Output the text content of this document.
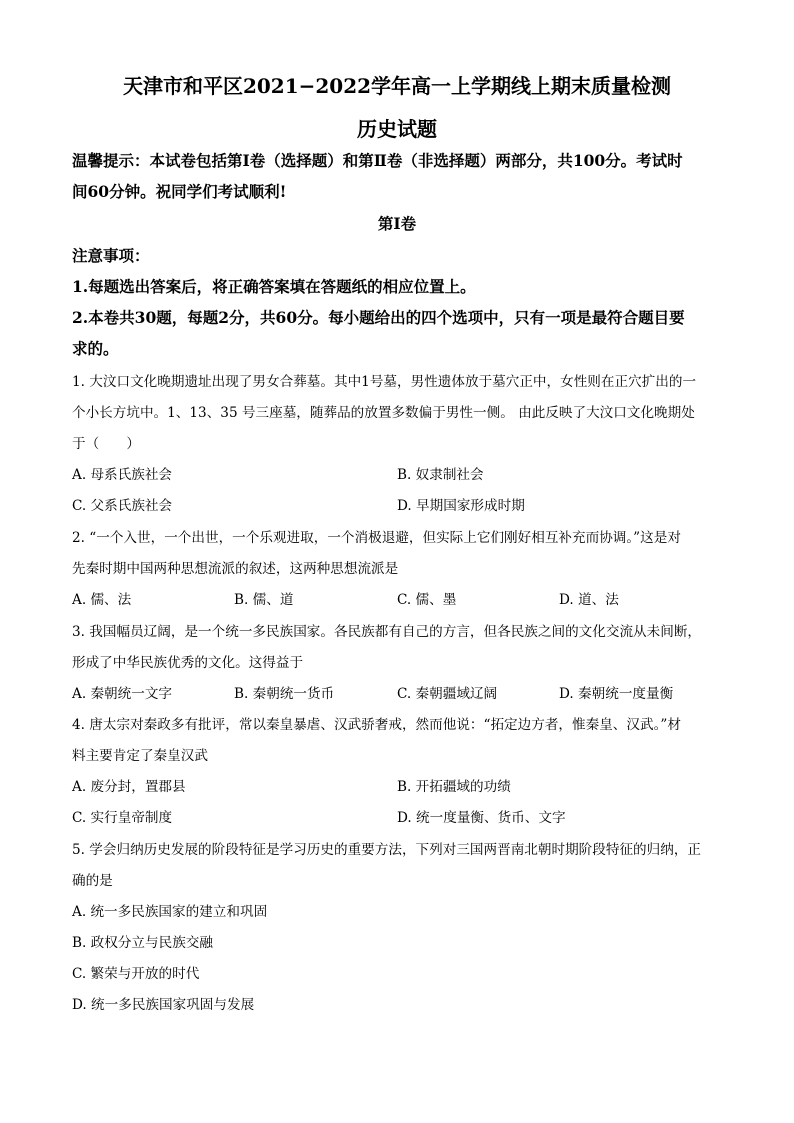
天津市和平区2021−2022学年高一上学期线上期末质量检测
历史试题
温馨提示：本试卷包括第Ⅰ卷（选择题）和第Ⅱ卷（非选择题）两部分，共100分。考试时
间60分钟。祝同学们考试顺利!
第Ⅰ卷
注意事项：
1.每题选出答案后，将正确答案填在答题纸的相应位置上。
2.本卷共30题，每题2分，共60分。每小题给出的四个选项中，只有一项是最符合题目要
求的。
1. 大汶口文化晚期遗址出现了男女合葬墓。其中1号墓，男性遗体放于墓穴正中，女性则在正穴扩出的一
个小长方坑中。1、13、35 号三座墓，随葬品的放置多数偏于男性一侧。 由此反映了大汶口文化晚期处
于（　　）
A. 母系氏族社会	B. 奴隶制社会
C. 父系氏族社会	D. 早期国家形成时期
2. “一个入世，一个出世，一个乐观进取，一个消极退避，但实际上它们刚好相互补充而协调。”这是对
先秦时期中国两种思想流派的叙述，这两种思想流派是
A. 儒、法	B. 儒、道	C. 儒、墨	D. 道、法
3. 我国幅员辽阔，是一个统一多民族国家。各民族都有自己的方言，但各民族之间的文化交流从未间断，
形成了中华民族优秀的文化。这得益于
A. 秦朝统一文字	B. 秦朝统一货币	C. 秦朝疆域辽阔	D. 秦朝统一度量衡
4. 唐太宗对秦政多有批评，常以秦皇暴虐、汉武骄奢戒，然而他说：“拓定边方者，惟秦皇、汉武。”材
料主要肯定了秦皇汉武
A. 废分封，置郡县	B. 开拓疆域的功绩
C. 实行皇帝制度	D. 统一度量衡、货币、文字
5. 学会归纳历史发展的阶段特征是学习历史的重要方法，下列对三国两晋南北朝时期阶段特征的归纳，正
确的是
A. 统一多民族国家的建立和巩固
B. 政权分立与民族交融
C. 繁荣与开放的时代
D. 统一多民族国家巩固与发展
